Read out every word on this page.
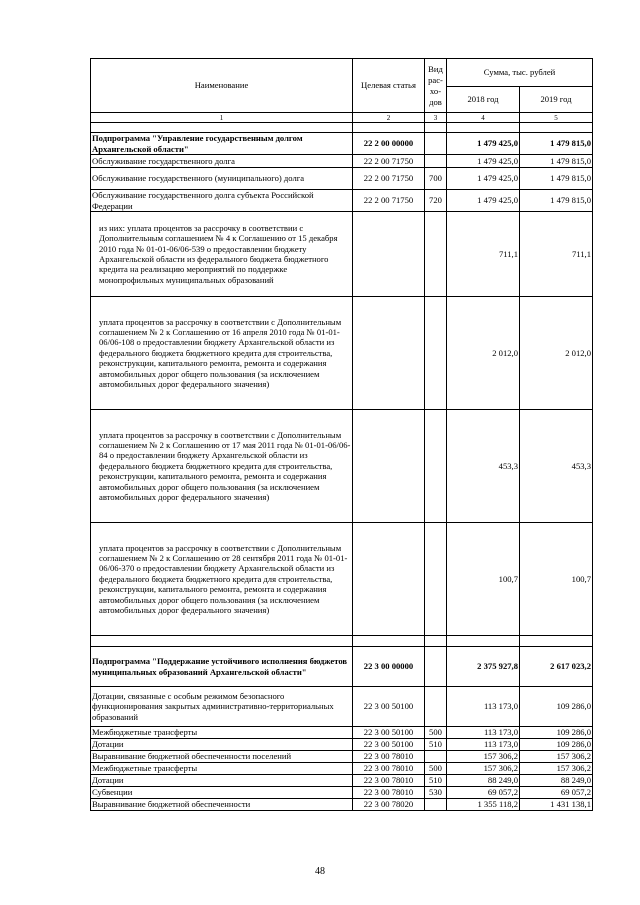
Наименование	Целевая статья	Вид
рас-
хо-
дов	Сумма, тыс. рублей	
			2018 год	2019 год
1	2	3	4	5

Подпрограмма "Управление государственным долгом Архангельской области"	22 2 00 00000		1 479 425,0	1 479 815,0
Обслуживание государственного долга	22 2 00 71750		1 479 425,0	1 479 815,0
Обслуживание государственного (муниципального) долга	22 2 00 71750	700	1 479 425,0	1 479 815,0
Обслуживание государственного долга субъекта Российской Федерации	22 2 00 71750	720	1 479 425,0	1 479 815,0
из них: уплата процентов за рассрочку в соответствии с Дополнительным соглашением № 4 к Соглашению от 15 декабря 2010 года № 01-01-06/06-539 о предоставлении бюджету Архангельской области из федерального бюджета бюджетного кредита на реализацию мероприятий по поддержке монопрофильных муниципальных образований			711,1	711,1
уплата процентов за рассрочку в соответствии с Дополнительным соглашением № 2 к Соглашению от 16 апреля 2010 года № 01-01-06/06-108 о предоставлении бюджету Архангельской области из федерального бюджета бюджетного кредита для строительства, реконструкции, капитального ремонта, ремонта и содержания автомобильных дорог общего пользования (за исключением автомобильных дорог федерального значения)			2 012,0	2 012,0
уплата процентов за рассрочку в соответствии с Дополнительным соглашением № 2 к Соглашению от 17 мая 2011 года № 01-01-06/06-84 о предоставлении бюджету Архангельской области из федерального бюджета бюджетного кредита для строительства, реконструкции, капитального ремонта, ремонта и содержания автомобильных дорог общего пользования (за исключением автомобильных дорог федерального значения)			453,3	453,3
уплата процентов за рассрочку в соответствии с Дополнительным соглашением № 2 к Соглашению от 28 сентября 2011 года № 01-01-06/06-370 о предоставлении бюджету Архангельской области из федерального бюджета бюджетного кредита для строительства, реконструкции, капитального ремонта, ремонта и содержания автомобильных дорог общего пользования (за исключением автомобильных дорог федерального значения)			100,7	100,7

Подпрограмма "Поддержание устойчивого исполнения бюджетов муниципальных образований Архангельской области"	22 3 00 00000		2 375 927,8	2 617 023,2
Дотации, связанные с особым режимом безопасного функционирования закрытых административно-территориальных образований	22 3 00 50100		113 173,0	109 286,0
Межбюджетные трансферты	22 3 00 50100	500	113 173,0	109 286,0
Дотации	22 3 00 50100	510	113 173,0	109 286,0
Выравнивание бюджетной обеспеченности поселений	22 3 00 78010		157 306,2	157 306,2
Межбюджетные трансферты	22 3 00 78010	500	157 306,2	157 306,2
Дотации	22 3 00 78010	510	88 249,0	88 249,0
Субвенции	22 3 00 78010	530	69 057,2	69 057,2
Выравнивание бюджетной обеспеченности	22 3 00 78020		1 355 118,2	1 431 138,1
48
